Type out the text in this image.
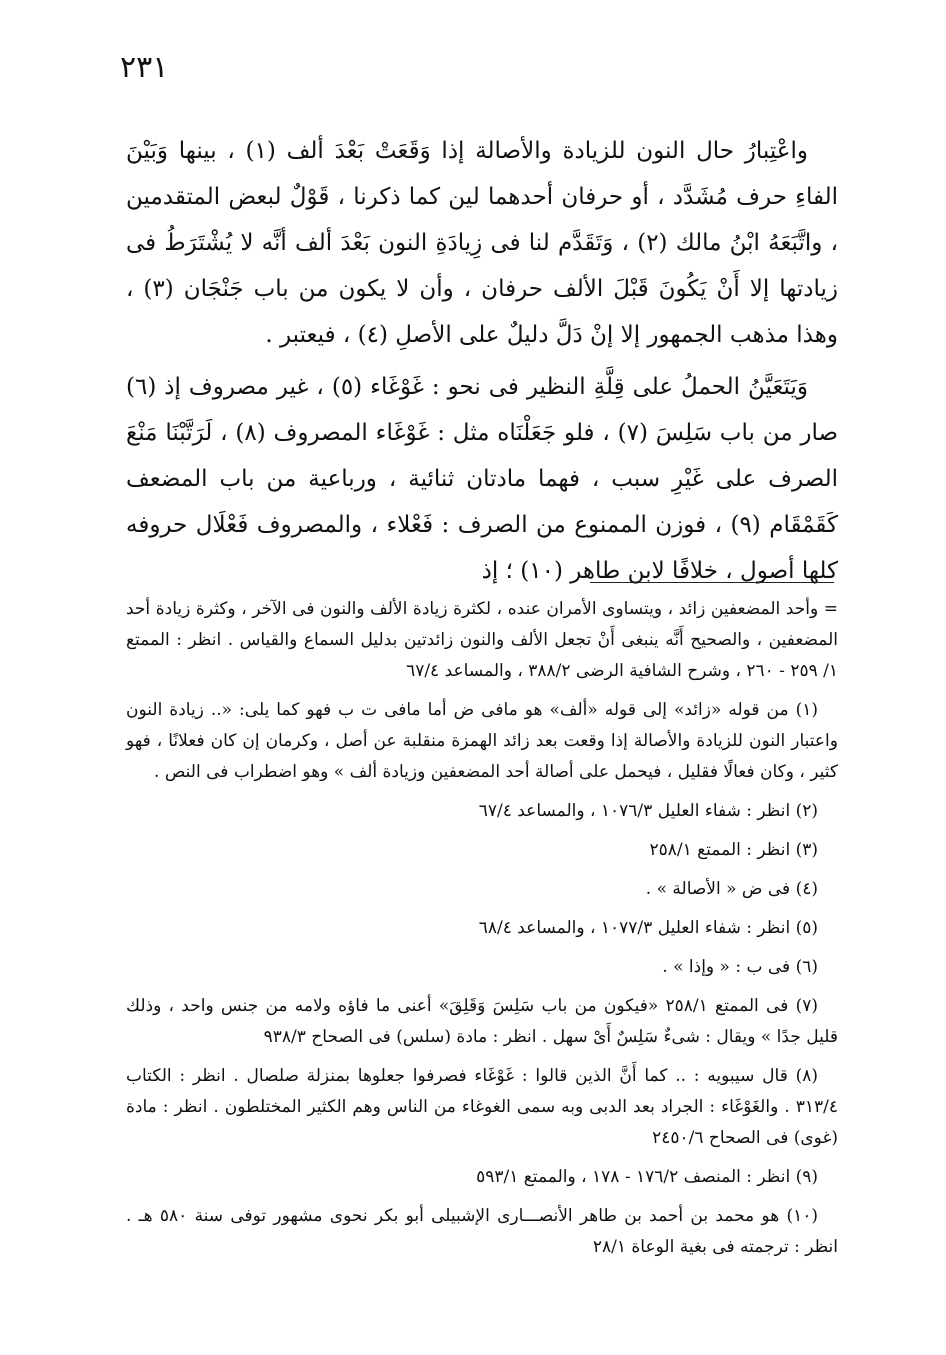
٢٣١

واعْتِبارُ حال النون للزيادة والأصالة إذا وَقَعَتْ بَعْدَ ألف (١) ، بينها وَبَيْنَ الفاءِ حرف مُشَدَّد ، أو حرفان أحدهما لين كما ذكرنا ، قَوْلٌ لبعض المتقدمين ، واتَّبَعَهُ ابْنُ مالك (٢) ، وَتَقَدَّم لنا فى زِيادَةِ النون بَعْدَ ألف أنَّه لا يُشْتَرَطُ فى زيادتها إلا أَنْ يَكُونَ قَبْلَ الألف حرفان ، وأن لا يكون من باب جَنْجَان (٣) ، وهذا مذهب الجمهور إلا إنْ دَلَّ دليلٌ على الأصلِ (٤) ، فيعتبر .

وَيَتَعَيَّنُ الحملُ على قِلَّةِ النظير فى نحو : غَوْغَاء (٥) ، غير مصروف إذ (٦) صار من باب سَلِسَ (٧) ، فلو جَعَلْنَاه مثل : غَوْغَاء المصروف (٨) ، لَرَتَّبْنَا مَنْعَ الصرف على غَيْرِ سبب ، فهما مادتان ثنائية ، ورباعية من باب المضعف كَقَمْقَام (٩) ، فوزن الممنوع من الصرف : فَعْلاء ، والمصروف فَعْلَال حروفه كلها أصول ، خلافًا لابن طاهر (١٠) ؛ إذ

= وأحد المضعفين زائد ، ويتساوى الأمران عنده ، لكثرة زيادة الألف والنون فى الآخر ، وكثرة زيادة أحد المضعفين ، والصحيح أَنَّه ينبغى أَنْ تجعل الألف والنون زائدتين بدليل السماع والقياس . انظر : الممتع ١/ ٢٥٩ - ٢٦٠ ، وشرح الشافية الرضى ٣٨٨/٢ ، والمساعد ٦٧/٤

(١) من قوله «زائد» إلى قوله «ألف» هو مافى ض أما مافى ت ب فهو كما يلى: «.. زيادة النون واعتبار النون للزيادة والأصالة إذا وقعت بعد زائد الهمزة منقلبة عن أصل ، وكرمان إن كان فعلانًا ، فهو كثير ، وكان فعالًا فقليل ، فيحمل على أصالة أحد المضعفين وزيادة ألف » وهو اضطراب فى النص .

(٢) انظر : شفاء العليل ١٠٧٦/٣ ، والمساعد ٦٧/٤

(٣) انظر : الممتع ٢٥٨/١

(٤) فى ض « الأصالة » .

(٥) انظر : شفاء العليل ١٠٧٧/٣ ، والمساعد ٦٨/٤

(٦) فى ب : « وإذا » .

(٧) فى الممتع ٢٥٨/١ «فيكون من باب سَلِسَ وَقَلِقَ» أعنى ما فاؤه ولامه من جنس واحد ، وذلك قليل جدًا » ويقال : شىءٌ سَلِسٌ أَىْ سهل . انظر : مادة (سلس) فى الصحاح ٩٣٨/٣

(٨) قال سيبويه : .. كما أَنَّ الذين قالوا : غَوْغَاء فصرفوا جعلوها بمنزلة صلصال . انظر : الكتاب ٣١٣/٤ . والغَوْغَاء : الجراد بعد الدبى وبه سمى الغوغاء من الناس وهم الكثير المختلطون . انظر : مادة (غوى) فى الصحاح ٢٤٥٠/٦

(٩) انظر : المنصف ١٧٦/٢ - ١٧٨ ، والممتع ٥٩٣/١

(١٠) هو محمد بن أحمد بن طاهر الأنصـــارى الإشبيلى أبو بكر نحوى مشهور توفى سنة ٥٨٠ هـ . انظر : ترجمته فى بغية الوعاة ٢٨/١
